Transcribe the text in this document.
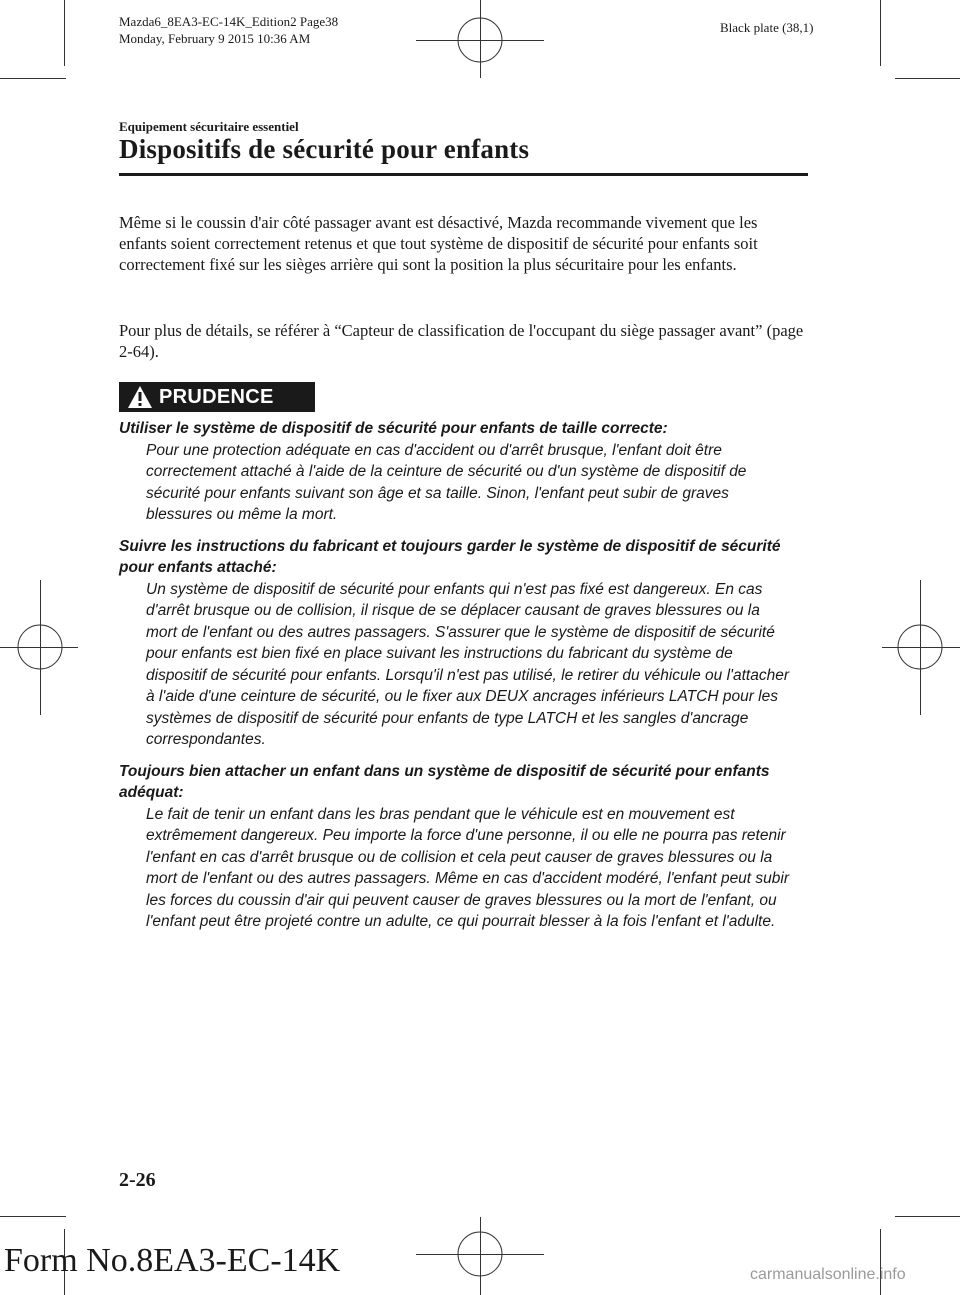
Mazda6_8EA3-EC-14K_Edition2 Page38
Monday, February 9 2015 10:36 AM
Black plate (38,1)
Equipement sécuritaire essentiel
Dispositifs de sécurité pour enfants

Même si le coussin d'air côté passager avant est désactivé, Mazda recommande vivement que les enfants soient correctement retenus et que tout système de dispositif de sécurité pour enfants soit correctement fixé sur les sièges arrière qui sont la position la plus sécuritaire pour les enfants.

Pour plus de détails, se référer à “Capteur de classification de l'occupant du siège passager avant” (page 2-64).

PRUDENCE
Utiliser le système de dispositif de sécurité pour enfants de taille correcte:
Pour une protection adéquate en cas d'accident ou d'arrêt brusque, l'enfant doit être correctement attaché à l'aide de la ceinture de sécurité ou d'un système de dispositif de sécurité pour enfants suivant son âge et sa taille. Sinon, l'enfant peut subir de graves blessures ou même la mort.
Suivre les instructions du fabricant et toujours garder le système de dispositif de sécurité pour enfants attaché:
Un système de dispositif de sécurité pour enfants qui n'est pas fixé est dangereux. En cas d'arrêt brusque ou de collision, il risque de se déplacer causant de graves blessures ou la mort de l'enfant ou des autres passagers. S'assurer que le système de dispositif de sécurité pour enfants est bien fixé en place suivant les instructions du fabricant du système de dispositif de sécurité pour enfants. Lorsqu'il n'est pas utilisé, le retirer du véhicule ou l'attacher à l'aide d'une ceinture de sécurité, ou le fixer aux DEUX ancrages inférieurs LATCH pour les systèmes de dispositif de sécurité pour enfants de type LATCH et les sangles d'ancrage correspondantes.
Toujours bien attacher un enfant dans un système de dispositif de sécurité pour enfants adéquat:
Le fait de tenir un enfant dans les bras pendant que le véhicule est en mouvement est extrêmement dangereux. Peu importe la force d'une personne, il ou elle ne pourra pas retenir l'enfant en cas d'arrêt brusque ou de collision et cela peut causer de graves blessures ou la mort de l'enfant ou des autres passagers. Même en cas d'accident modéré, l'enfant peut subir les forces du coussin d'air qui peuvent causer de graves blessures ou la mort de l'enfant, ou l'enfant peut être projeté contre un adulte, ce qui pourrait blesser à la fois l'enfant et l'adulte.
2-26
Form No.8EA3-EC-14K	carmanualsonline.info
